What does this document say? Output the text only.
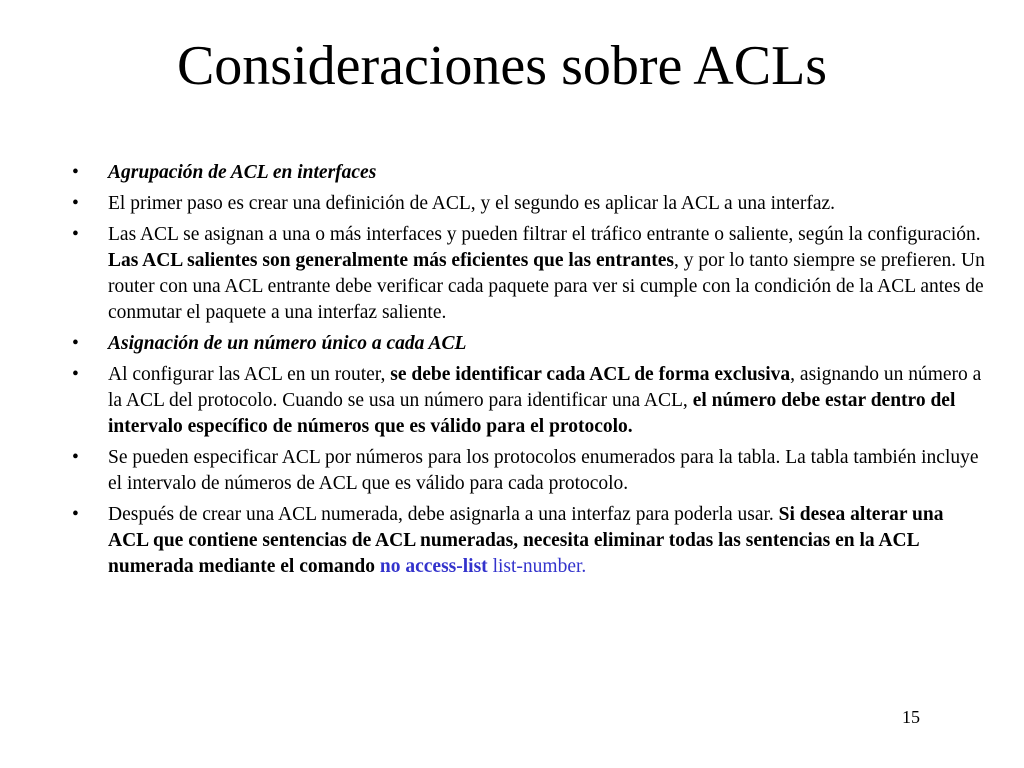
Consideraciones sobre ACLs
• Agrupación de ACL en interfaces
• El primer paso es crear una definición de ACL, y el segundo es aplicar la ACL a una interfaz.
• Las ACL se asignan a una o más interfaces y pueden filtrar el tráfico entrante o saliente, según la configuración. Las ACL salientes son generalmente más eficientes que las entrantes, y por lo tanto siempre se prefieren. Un router con una ACL entrante debe verificar cada paquete para ver si cumple con la condición de la ACL antes de conmutar el paquete a una interfaz saliente.
• Asignación de un número único a cada ACL
• Al configurar las ACL en un router, se debe identificar cada ACL de forma exclusiva, asignando un número a la ACL del protocolo. Cuando se usa un número para identificar una ACL, el número debe estar dentro del intervalo específico de números que es válido para el protocolo.
• Se pueden especificar ACL por números para los protocolos enumerados para la tabla. La tabla también incluye el intervalo de números de ACL que es válido para cada protocolo.
• Después de crear una ACL numerada, debe asignarla a una interfaz para poderla usar. Si desea alterar una ACL que contiene sentencias de ACL numeradas, necesita eliminar todas las sentencias en la ACL numerada mediante el comando no access-list list-number.
15
